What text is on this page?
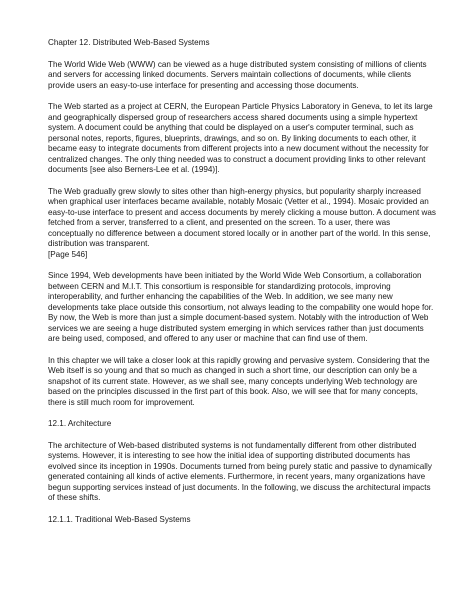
Chapter 12. Distributed Web-Based Systems

The World Wide Web (WWW) can be viewed as a huge distributed system consisting of millions of clients and servers for accessing linked documents. Servers maintain collections of documents, while clients provide users an easy-to-use interface for presenting and accessing those documents.

The Web started as a project at CERN, the European Particle Physics Laboratory in Geneva, to let its large and geographically dispersed group of researchers access shared documents using a simple hypertext system. A document could be anything that could be displayed on a user's computer terminal, such as personal notes, reports, figures, blueprints, drawings, and so on. By linking documents to each other, it became easy to integrate documents from different projects into a new document without the necessity for centralized changes. The only thing needed was to construct a document providing links to other relevant documents [see also Berners-Lee et al. (1994)].

The Web gradually grew slowly to sites other than high-energy physics, but popularity sharply increased when graphical user interfaces became available, notably Mosaic (Vetter et al., 1994). Mosaic provided an easy-to-use interface to present and access documents by merely clicking a mouse button. A document was fetched from a server, transferred to a client, and presented on the screen. To a user, there was conceptually no difference between a document stored locally or in another part of the world. In this sense, distribution was transparent.
[Page 546]

Since 1994, Web developments have been initiated by the World Wide Web Consortium, a collaboration between CERN and M.I.T. This consortium is responsible for standardizing protocols, improving interoperability, and further enhancing the capabilities of the Web. In addition, we see many new developments take place outside this consortium, not always leading to the compability one would hope for. By now, the Web is more than just a simple document-based system. Notably with the introduction of Web services we are seeing a huge distributed system emerging in which services rather than just documents are being used, composed, and offered to any user or machine that can find use of them.

In this chapter we will take a closer look at this rapidly growing and pervasive system. Considering that the Web itself is so young and that so much as changed in such a short time, our description can only be a snapshot of its current state. However, as we shall see, many concepts underlying Web technology are based on the principles discussed in the first part of this book. Also, we will see that for many concepts, there is still much room for improvement.

12.1. Architecture

The architecture of Web-based distributed systems is not fundamentally different from other distributed systems. However, it is interesting to see how the initial idea of supporting distributed documents has evolved since its inception in 1990s. Documents turned from being purely static and passive to dynamically generated containing all kinds of active elements. Furthermore, in recent years, many organizations have begun supporting services instead of just documents. In the following, we discuss the architectural impacts of these shifts.

12.1.1. Traditional Web-Based Systems
